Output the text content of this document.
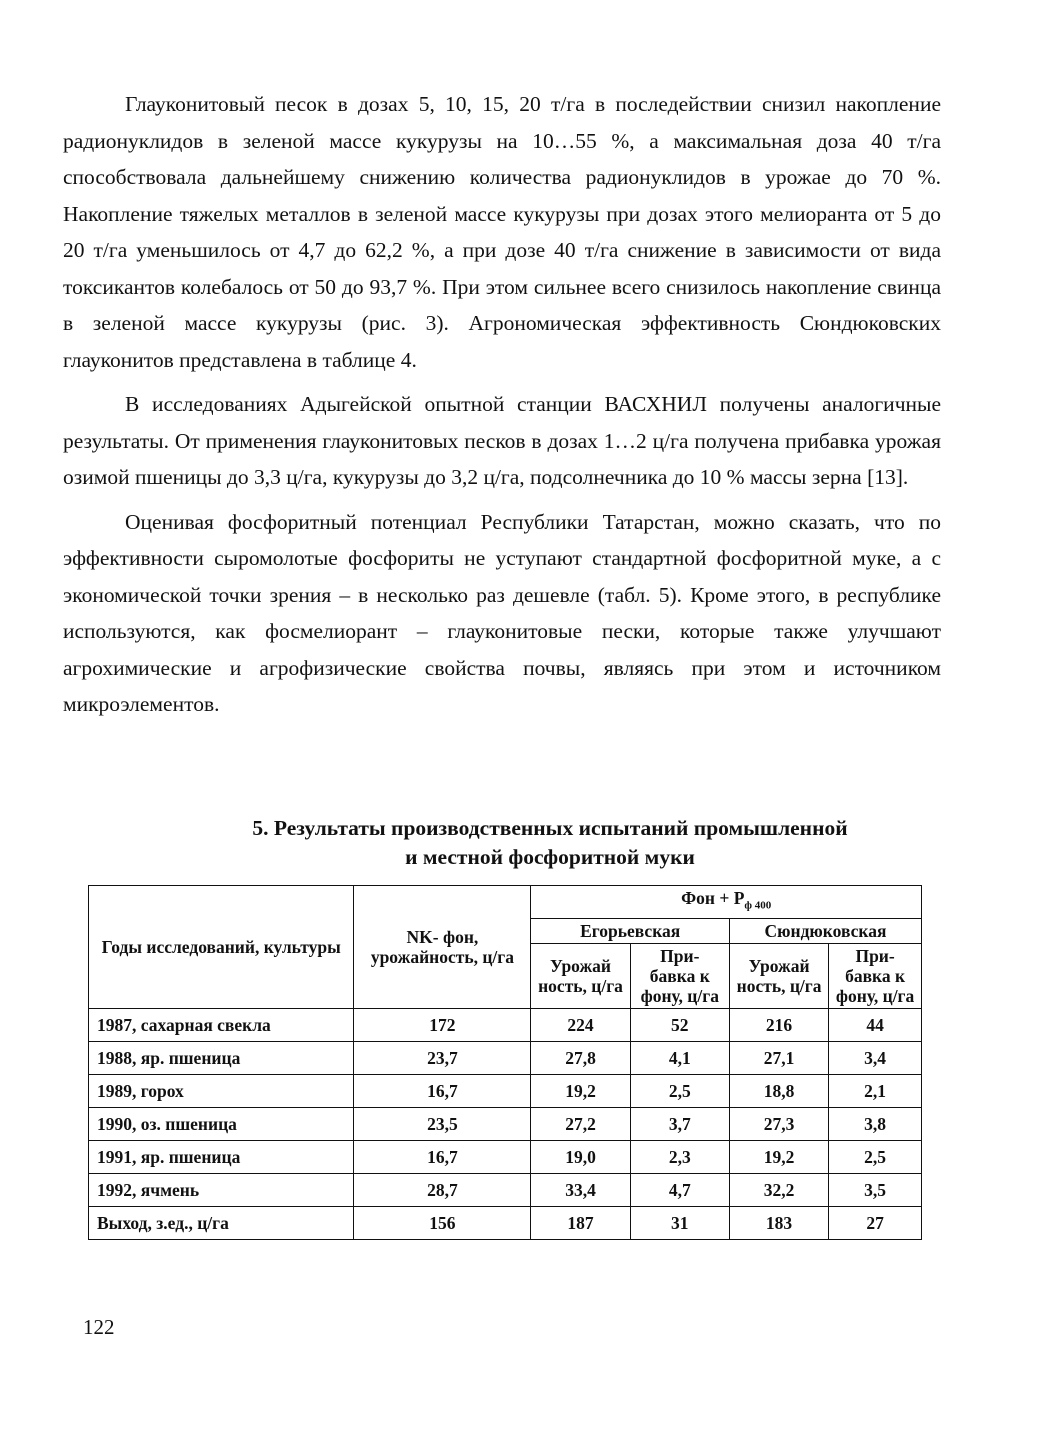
Глауконитовый песок в дозах 5, 10, 15, 20 т/га в последействии снизил накопление радионуклидов в зеленой массе кукурузы на 10…55 %, а максимальная доза 40 т/га способствовала дальнейшему снижению количества радионуклидов в урожае до 70 %. Накопление тяжелых металлов в зеленой массе кукурузы при дозах этого мелиоранта от 5 до 20 т/га уменьшилось от 4,7 до 62,2 %, а при дозе 40 т/га снижение в зависимости от вида токсикантов колебалось от 50 до 93,7 %. При этом сильнее всего снизилось накопление свинца в зеленой массе кукурузы (рис. 3). Агрономическая эффективность Сюндюковских глауконитов представлена в таблице 4.

В исследованиях Адыгейской опытной станции ВАСХНИЛ получены аналогичные результаты. От применения глауконитовых песков в дозах 1…2 ц/га получена прибавка урожая озимой пшеницы до 3,3 ц/га, кукурузы до 3,2 ц/га, подсолнечника до 10 % массы зерна [13].

Оценивая фосфоритный потенциал Республики Татарстан, можно сказать, что по эффективности сыромолотые фосфориты не уступают стандартной фосфоритной муке, а с экономической точки зрения – в несколько раз дешевле (табл. 5). Кроме этого, в республике используются, как фосмелиорант – глауконитовые пески, которые также улучшают агрохимические и агрофизические свойства почвы, являясь при этом и источником микроэлементов.

5. Результаты производственных испытаний промышленной
и местной фосфоритной муки
Годы исследований, культуры	NK- фон, урожайность, ц/га	Фон + $Р_{ф 400}$
		Егорьевская		Сюндюковская	
		Урожай ность, ц/га	При- бавка к фону, ц/га	Урожай ность, ц/га	При- бавка к фону, ц/га
1987, сахарная свекла	172	224	52	216	44
1988, яр. пшеница	23,7	27,8	4,1	27,1	3,4
1989, горох	16,7	19,2	2,5	18,8	2,1
1990, оз. пшеница	23,5	27,2	3,7	27,3	3,8
1991, яр. пшеница	16,7	19,0	2,3	19,2	2,5
1992, ячмень	28,7	33,4	4,7	32,2	3,5
Выход, з.ед., ц/га	156	187	31	183	27
122
